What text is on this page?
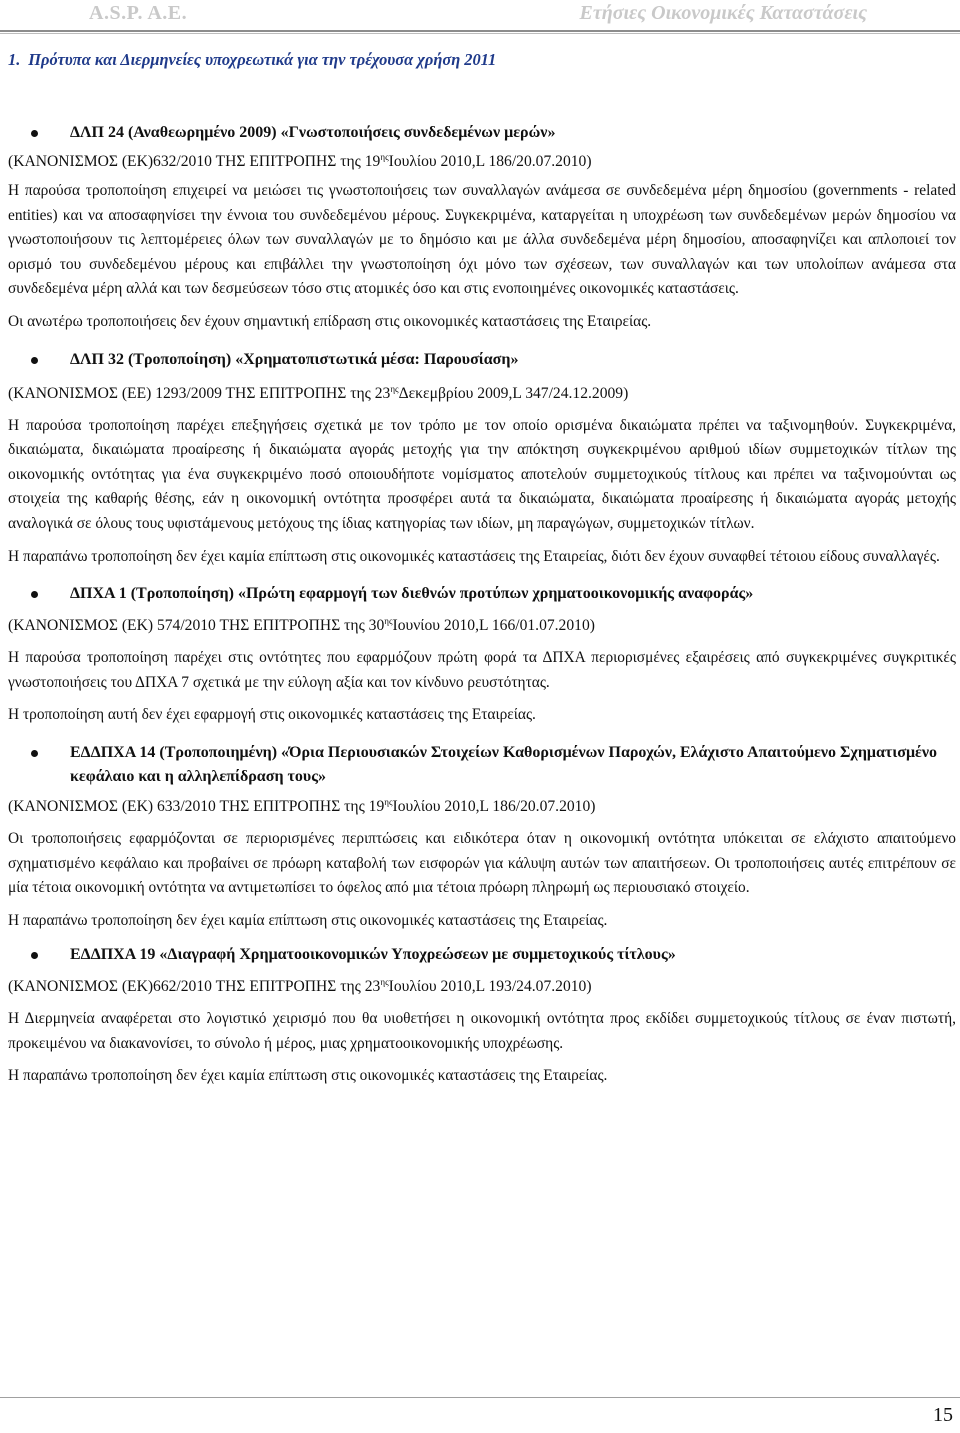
A.S.P. A.E.	Ετήσιες Οικονομικές Καταστάσεις
1. Πρότυπα και Διερμηνείες υποχρεωτικά για την τρέχουσα χρήση 2011
ΔΛΠ 24 (Αναθεωρημένο 2009) «Γνωστοποιήσεις συνδεδεμένων μερών»

(ΚΑΝΟΝΙΣΜΟΣ (ΕΚ)632/2010 ΤΗΣ ΕΠΙΤΡΟΠΗΣ της $19^{\eta\varsigma}Io\upsilon\lambda ίo\upsilon$ 2010,L 186/20.07.2010)

Η παρούσα τροποποίηση επιχειρεί να μειώσει τις γνωστοποιήσεις των συναλλαγών ανάμεσα σε συνδεδεμένα μέρη δημοσίου (governments - related entities) και να αποσαφηνίσει την έννοια του συνδεδεμένου μέρους. Συγκεκριμένα, καταργείται η υποχρέωση των συνδεδεμένων μερών δημοσίου να γνωστοποιήσουν τις λεπτομέρειες όλων των συναλλαγών με το δημόσιο και με άλλα συνδεδεμένα μέρη δημοσίου, αποσαφηνίζει και απλοποιεί τον ορισμό του συνδεδεμένου μέρους και επιβάλλει την γνωστοποίηση όχι μόνο των σχέσεων, των συναλλαγών και των υπολοίπων ανάμεσα στα συνδεδεμένα μέρη αλλά και των δεσμεύσεων τόσο στις ατομικές όσο και στις ενοποιημένες οικονομικές καταστάσεις.

Οι ανωτέρω τροποποιήσεις δεν έχουν σημαντική επίδραση στις οικονομικές καταστάσεις της Εταιρείας.

ΔΛΠ 32 (Τροποποίηση) «Χρηματοπιστωτικά μέσα: Παρουσίαση»

(ΚΑΝΟΝΙΣΜΟΣ (ΕΕ) 1293/2009 ΤΗΣ ΕΠΙΤΡΟΠΗΣ της $23^{\eta\varsigma}\Delta\varepsilon\kappa\varepsilon\mu\beta\rho ίo\upsilon$ 2009,L 347/24.12.2009)

Η παρούσα τροποποίηση παρέχει επεξηγήσεις σχετικά με τον τρόπο με τον οποίο ορισμένα δικαιώματα πρέπει να ταξινομηθούν. Συγκεκριμένα, δικαιώματα, δικαιώματα προαίρεσης ή δικαιώματα αγοράς μετοχής για την απόκτηση συγκεκριμένου αριθμού ιδίων συμμετοχικών τίτλων της οικονομικής οντότητας για ένα συγκεκριμένο ποσό οποιουδήποτε νομίσματος αποτελούν συμμετοχικούς τίτλους και πρέπει να ταξινομούνται ως στοιχεία της καθαρής θέσης, εάν η οικονομική οντότητα προσφέρει αυτά τα δικαιώματα, δικαιώματα προαίρεσης ή δικαιώματα αγοράς μετοχής αναλογικά σε όλους τους υφιστάμενους μετόχους της ίδιας κατηγορίας των ιδίων, μη παραγώγων, συμμετοχικών τίτλων.

Η παραπάνω τροποποίηση δεν έχει καμία επίπτωση στις οικονομικές καταστάσεις της Εταιρείας, διότι δεν έχουν συναφθεί τέτοιου είδους συναλλαγές.

ΔΠΧΑ 1 (Τροποποίηση) «Πρώτη εφαρμογή των διεθνών προτύπων χρηματοοικονομικής αναφοράς»

(ΚΑΝΟΝΙΣΜΟΣ (ΕΚ) 574/2010 ΤΗΣ ΕΠΙΤΡΟΠΗΣ της $30^{\eta\varsigma}Io\upsilon\nu ίo\upsilon$ 2010,L 166/01.07.2010)

Η παρούσα τροποποίηση παρέχει στις οντότητες που εφαρμόζουν πρώτη φορά τα ΔΠΧΑ περιορισμένες εξαιρέσεις από συγκεκριμένες συγκριτικές γνωστοποιήσεις του ΔΠΧΑ 7 σχετικά με την εύλογη αξία και τον κίνδυνο ρευστότητας.

Η τροποποίηση αυτή δεν έχει εφαρμογή στις οικονομικές καταστάσεις της Εταιρείας.

ΕΔΔΠΧΑ 14 (Τροποποιημένη) «Όρια Περιουσιακών Στοιχείων Καθορισμένων Παροχών, Ελάχιστο Απαιτούμενο Σχηματισμένο κεφάλαιο και η αλληλεπίδραση τους»

(ΚΑΝΟΝΙΣΜΟΣ (ΕΚ) 633/2010 ΤΗΣ ΕΠΙΤΡΟΠΗΣ της $19^{\eta\varsigma}Io\upsilon\lambda ίo\upsilon$ 2010,L 186/20.07.2010)

Οι τροποποιήσεις εφαρμόζονται σε περιορισμένες περιπτώσεις και ειδικότερα όταν η οικονομική οντότητα υπόκειται σε ελάχιστο απαιτούμενο σχηματισμένο κεφάλαιο και προβαίνει σε πρόωρη καταβολή των εισφορών για κάλυψη αυτών των απαιτήσεων. Οι τροποποιήσεις αυτές επιτρέπουν σε μία τέτοια οικονομική οντότητα να αντιμετωπίσει το όφελος από μια τέτοια πρόωρη πληρωμή ως περιουσιακό στοιχείο.

Η παραπάνω τροποποίηση δεν έχει καμία επίπτωση στις οικονομικές καταστάσεις της Εταιρείας.

ΕΔΔΠΧΑ 19 «Διαγραφή Χρηματοοικονομικών Υποχρεώσεων με συμμετοχικούς τίτλους»

(ΚΑΝΟΝΙΣΜΟΣ (ΕΚ)662/2010 ΤΗΣ ΕΠΙΤΡΟΠΗΣ της $23^{\eta\varsigma}Io\upsilon\lambda ίo\upsilon$ 2010,L 193/24.07.2010)

Η Διερμηνεία αναφέρεται στο λογιστικό χειρισμό που θα υιοθετήσει η οικονομική οντότητα προς εκδίδει συμμετοχικούς τίτλους σε έναν πιστωτή, προκειμένου να διακανονίσει, το σύνολο ή μέρος, μιας χρηματοοικονομικής υποχρέωσης.

Η παραπάνω τροποποίηση δεν έχει καμία επίπτωση στις οικονομικές καταστάσεις της Εταιρείας.

15
